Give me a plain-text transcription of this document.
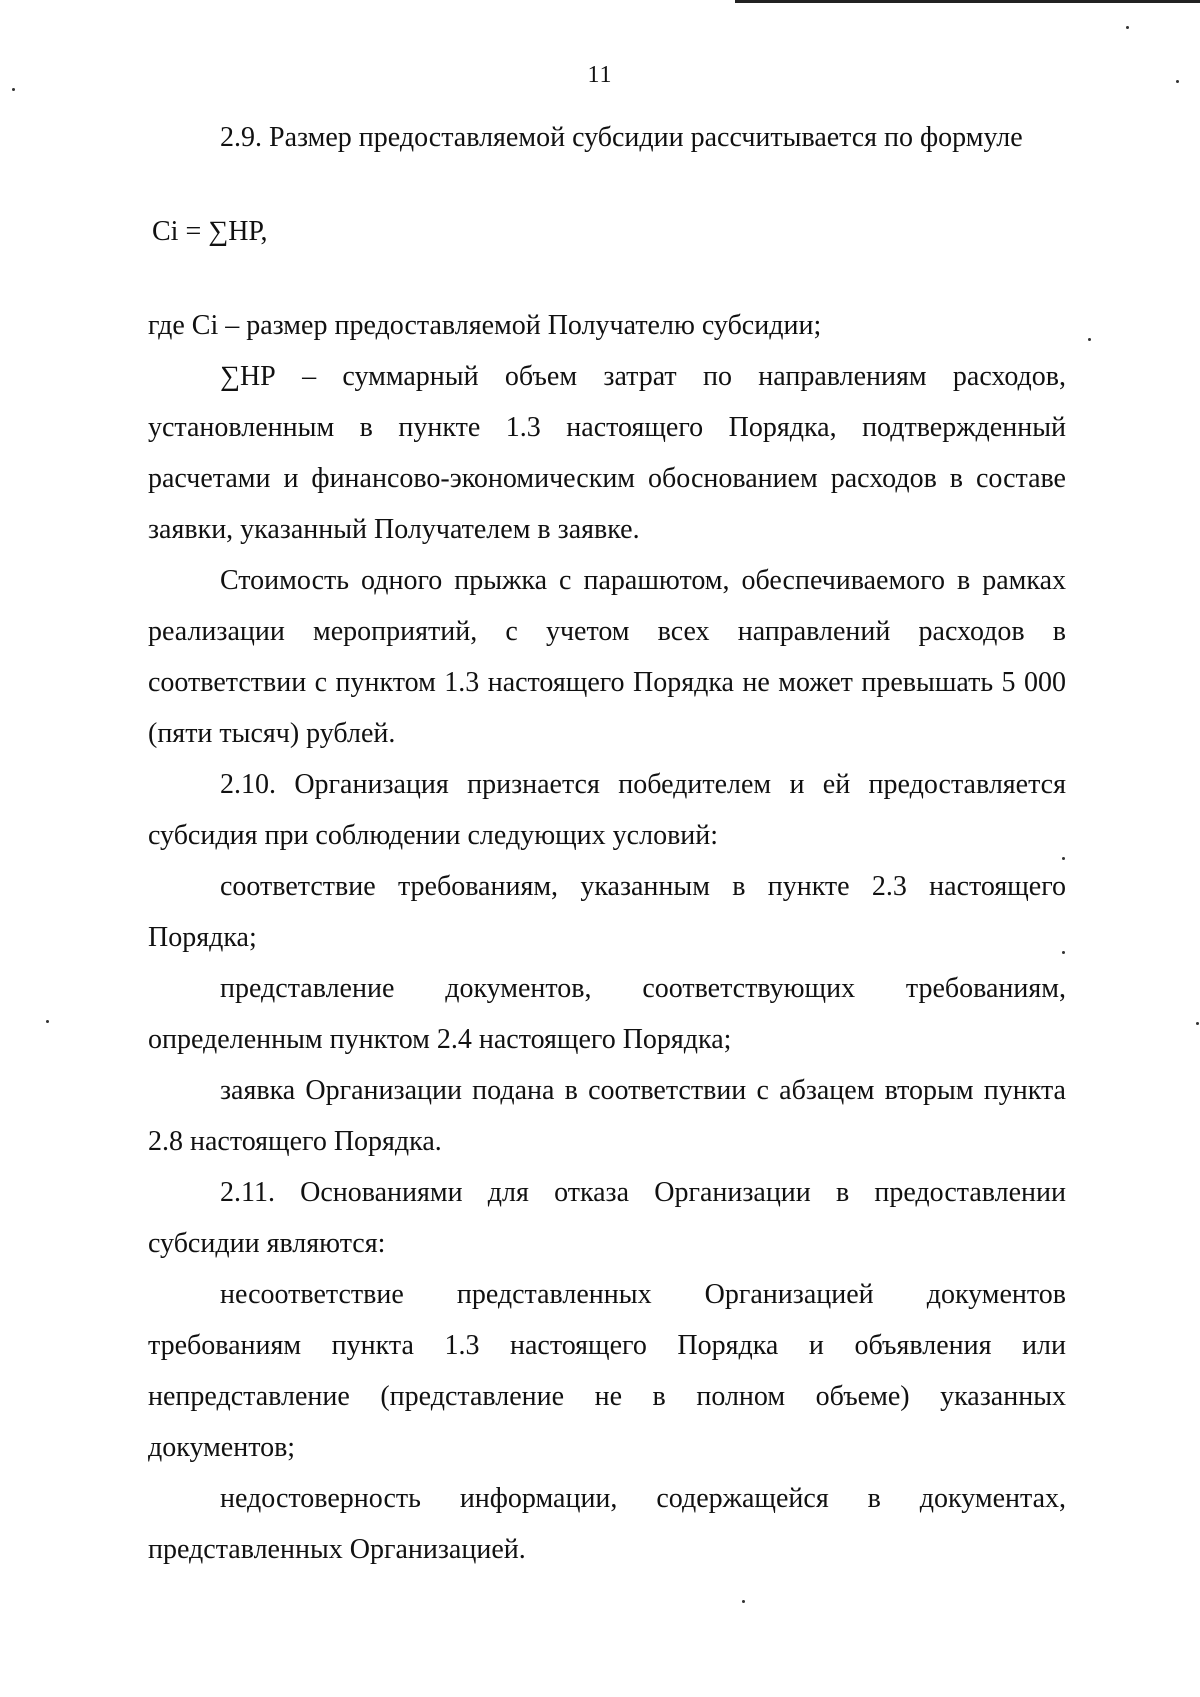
11

2.9. Размер предоставляемой субсидии рассчитывается по формуле

Ci = ∑НР,

где Ci – размер предоставляемой Получателю субсидии;

∑НР – суммарный объем затрат по направлениям расходов, установленным в пункте 1.3 настоящего Порядка, подтвержденный расчетами и финансово-экономическим обоснованием расходов в составе заявки, указанный Получателем в заявке.

Стоимость одного прыжка с парашютом, обеспечиваемого в рамках реализации мероприятий, с учетом всех направлений расходов в соответствии с пунктом 1.3 настоящего Порядка не может превышать 5 000 (пяти тысяч) рублей.

2.10. Организация признается победителем и ей предоставляется субсидия при соблюдении следующих условий:

соответствие требованиям, указанным в пункте 2.3 настоящего Порядка;

представление документов, соответствующих требованиям, определенным пунктом 2.4 настоящего Порядка;

заявка Организации подана в соответствии с абзацем вторым пункта 2.8 настоящего Порядка.

2.11. Основаниями для отказа Организации в предоставлении субсидии являются:

несоответствие представленных Организацией документов требованиям пункта 1.3 настоящего Порядка и объявления или непредставление (представление не в полном объеме) указанных документов;

недостоверность информации, содержащейся в документах, представленных Организацией.
